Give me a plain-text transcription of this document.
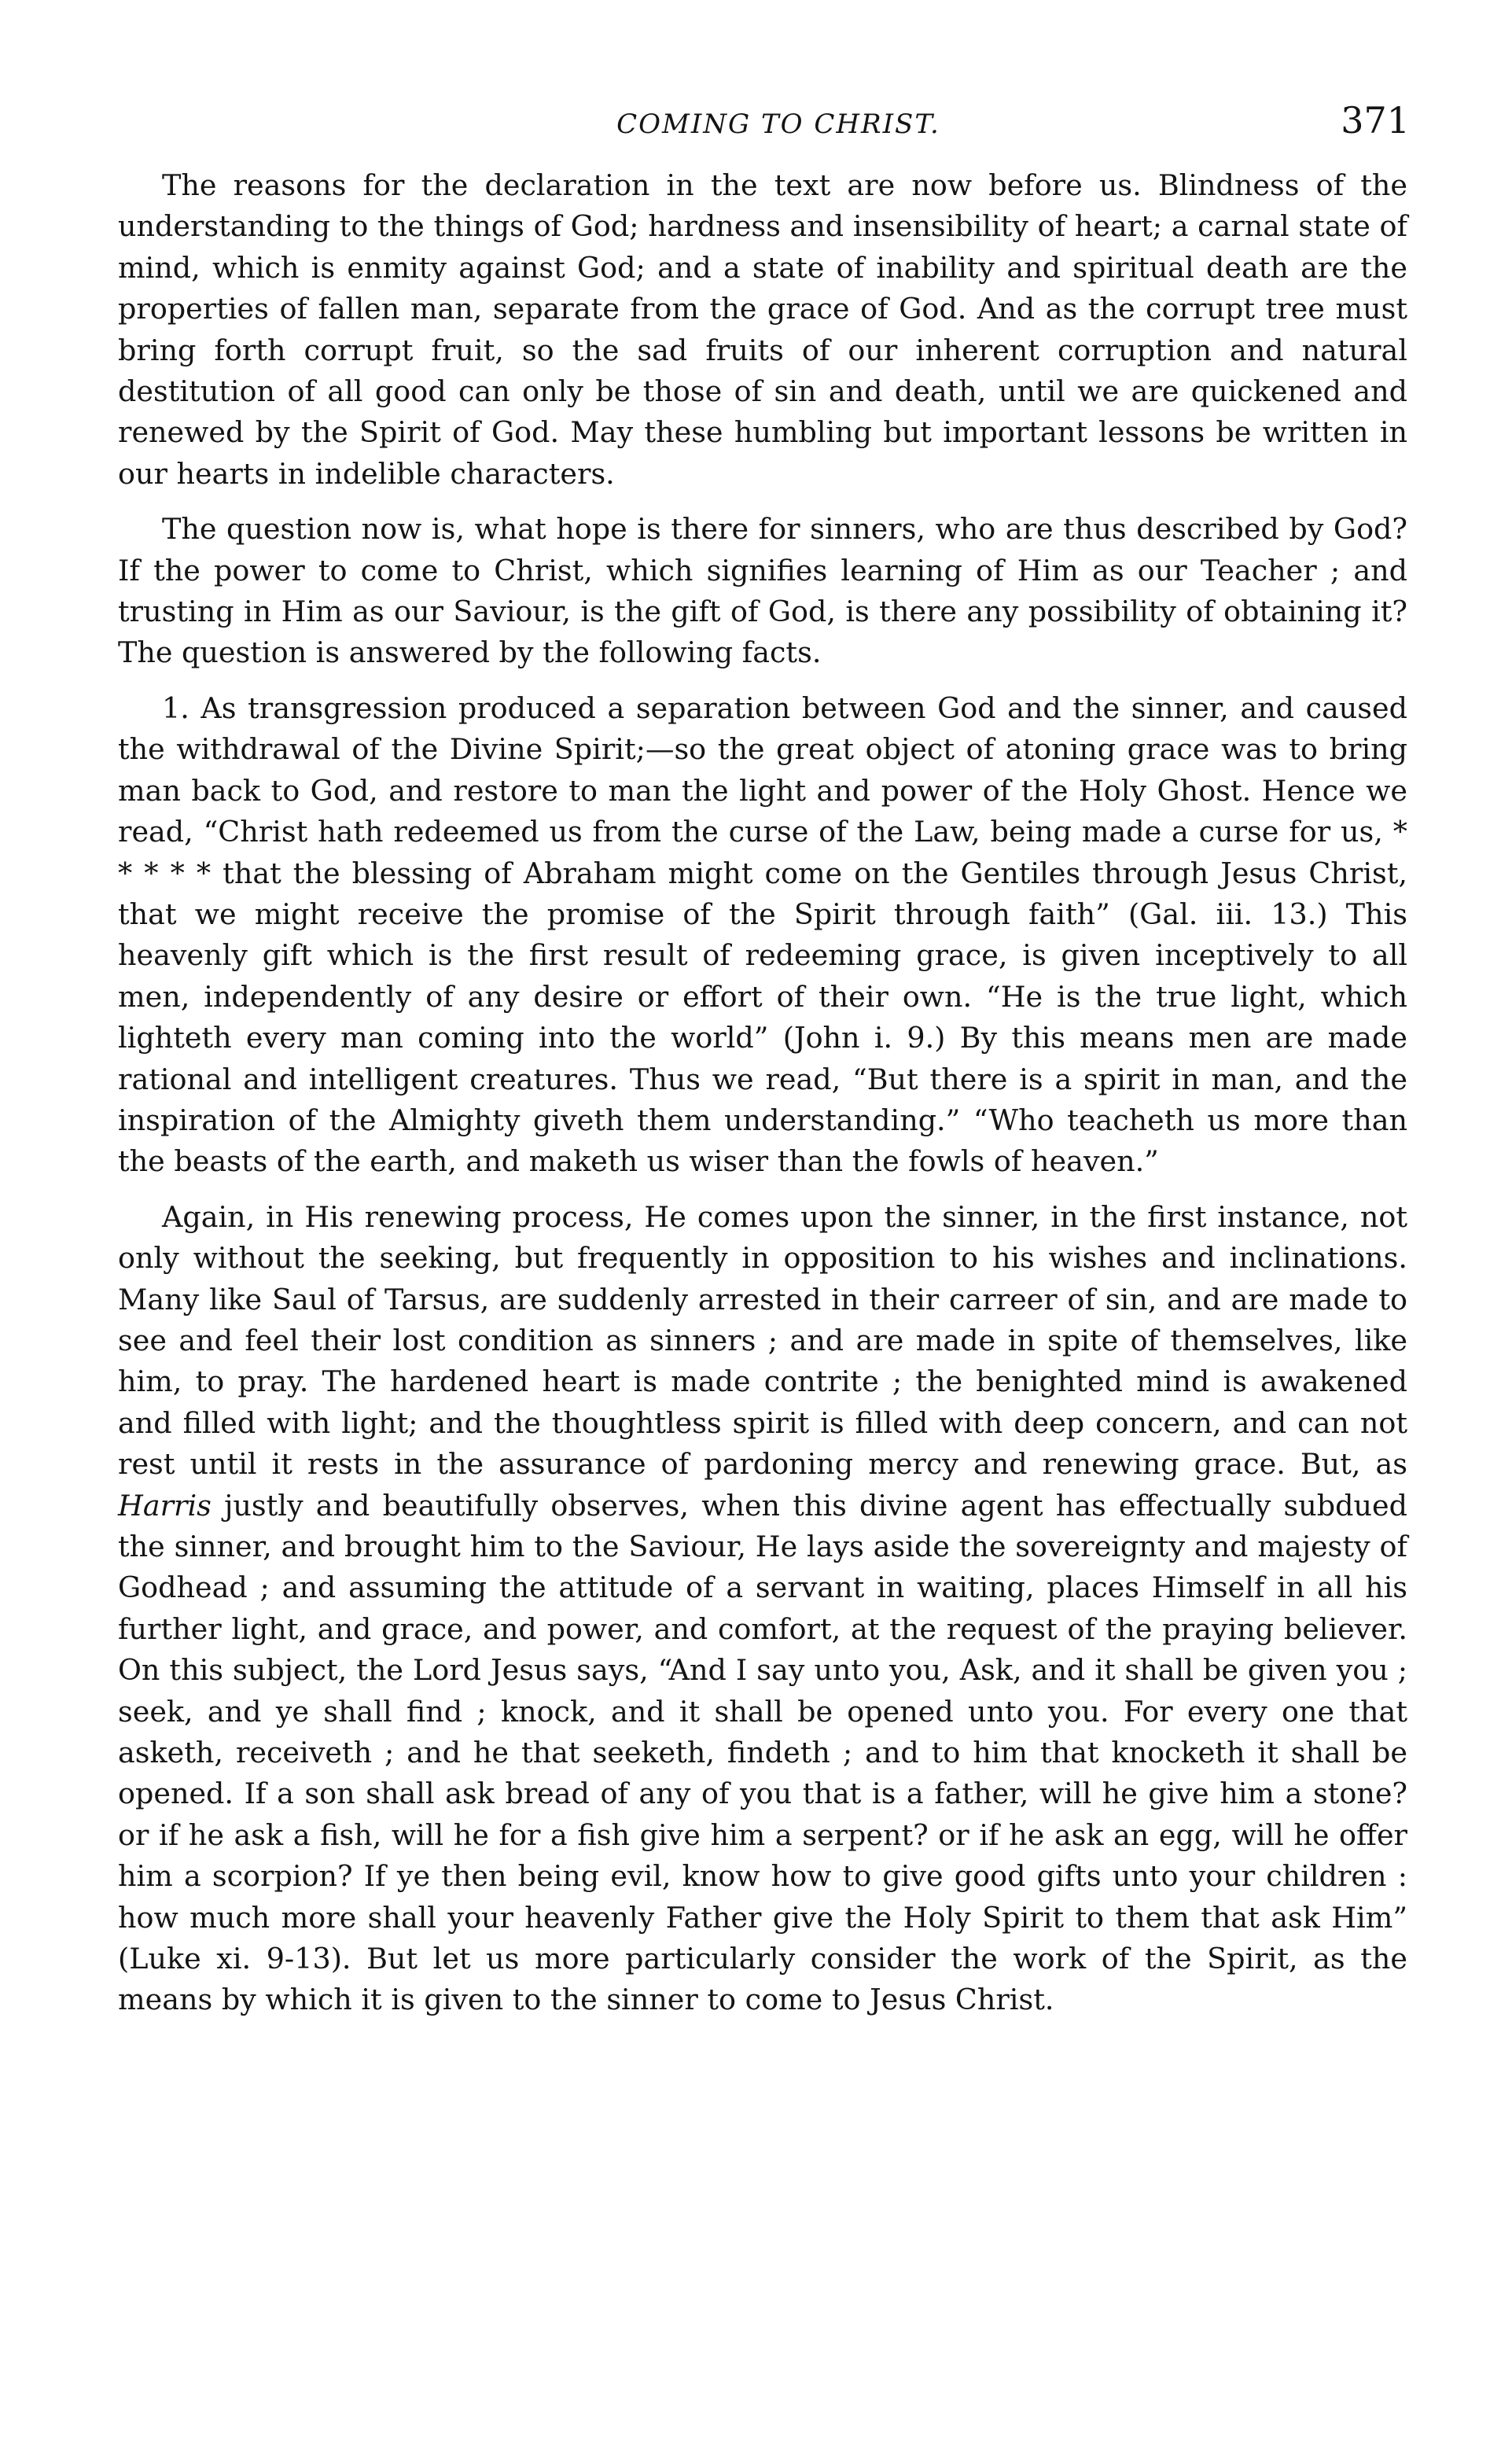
COMING TO CHRIST.	371

The reasons for the declaration in the text are now before us. Blindness of the understanding to the things of God; hardness and insensibility of heart; a carnal state of mind, which is enmity against God; and a state of inability and spiritual death are the properties of fallen man, separate from the grace of God. And as the corrupt tree must bring forth corrupt fruit, so the sad fruits of our inherent corruption and natural destitution of all good can only be those of sin and death, until we are quickened and renewed by the Spirit of God. May these humbling but important lessons be written in our hearts in indelible characters.

The question now is, what hope is there for sinners, who are thus described by God? If the power to come to Christ, which signifies learning of Him as our Teacher ; and trusting in Him as our Saviour, is the gift of God, is there any possibility of obtaining it? The question is answered by the following facts.

1. As transgression produced a separation between God and the sinner, and caused the withdrawal of the Divine Spirit;—so the great object of atoning grace was to bring man back to God, and restore to man the light and power of the Holy Ghost. Hence we read, “Christ hath redeemed us from the curse of the Law, being made a curse for us, * * * * * that the blessing of Abraham might come on the Gentiles through Jesus Christ, that we might receive the promise of the Spirit through faith” (Gal. iii. 13.) This heavenly gift which is the first result of redeeming grace, is given inceptively to all men, independently of any desire or effort of their own. “He is the true light, which lighteth every man coming into the world” (John i. 9.) By this means men are made rational and intelligent creatures. Thus we read, “But there is a spirit in man, and the inspiration of the Almighty giveth them understanding.” “Who teacheth us more than the beasts of the earth, and maketh us wiser than the fowls of heaven.”

Again, in His renewing process, He comes upon the sinner, in the first instance, not only without the seeking, but frequently in opposition to his wishes and inclinations. Many like Saul of Tarsus, are suddenly arrested in their carreer of sin, and are made to see and feel their lost condition as sinners ; and are made in spite of themselves, like him, to pray. The hardened heart is made contrite ; the benighted mind is awakened and filled with light; and the thoughtless spirit is filled with deep concern, and can not rest until it rests in the assurance of pardoning mercy and renewing grace. But, as Harris justly and beautifully observes, when this divine agent has effectually subdued the sinner, and brought him to the Saviour, He lays aside the sovereignty and majesty of Godhead ; and assuming the attitude of a servant in waiting, places Himself in all his further light, and grace, and power, and comfort, at the request of the praying believer. On this subject, the Lord Jesus says, “And I say unto you, Ask, and it shall be given you ; seek, and ye shall find ; knock, and it shall be opened unto you. For every one that asketh, receiveth ; and he that seeketh, findeth ; and to him that knocketh it shall be opened. If a son shall ask bread of any of you that is a father, will he give him a stone? or if he ask a fish, will he for a fish give him a serpent? or if he ask an egg, will he offer him a scorpion? If ye then being evil, know how to give good gifts unto your children : how much more shall your heavenly Father give the Holy Spirit to them that ask Him” (Luke xi. 9-13). But let us more particularly consider the work of the Spirit, as the means by which it is given to the sinner to come to Jesus Christ.
